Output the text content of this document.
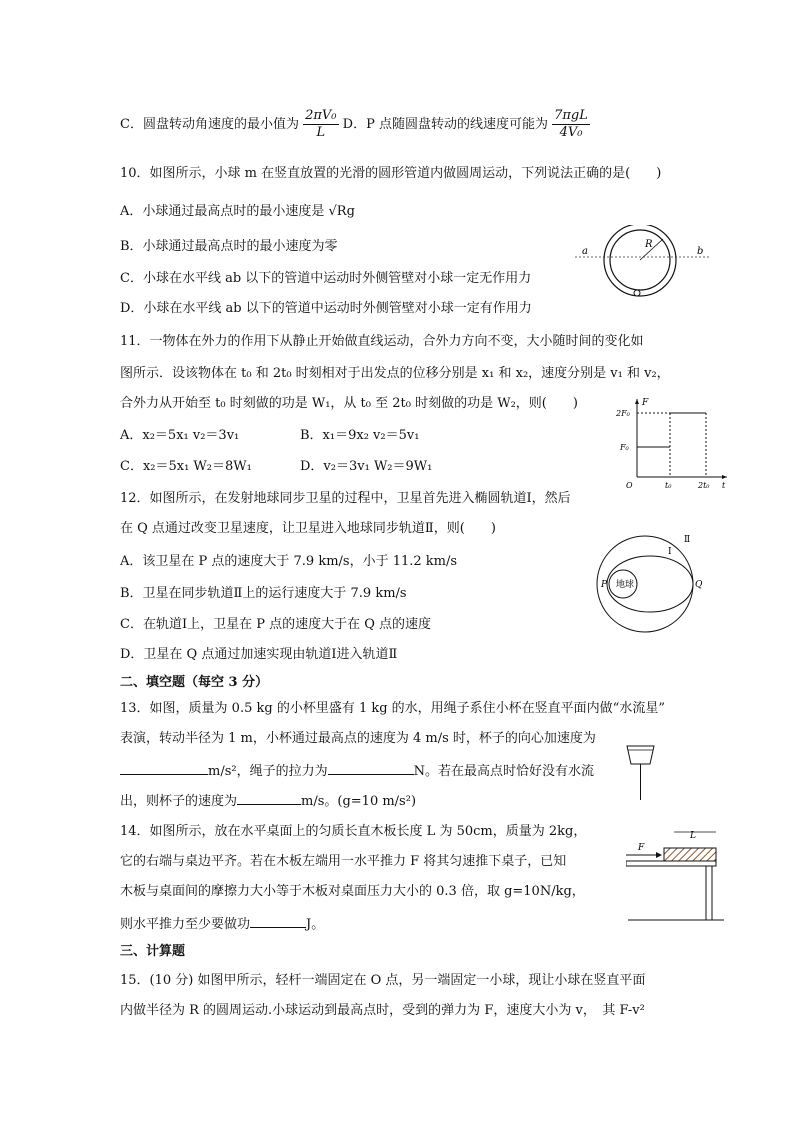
C．圆盘转动角速度的最小值为 $\frac{\text{2πV₀}}{L}$ D．P 点随圆盘转动的线速度可能为 $\frac{\text{7πgL}}{\text{4V₀}}$
10．如图所示，小球 m 在竖直放置的光滑的圆形管道内做圆周运动，下列说法正确的是(　　)
A．小球通过最高点时的最小速度是 √Rg
B．小球通过最高点时的最小速度为零
C．小球在水平线 ab 以下的管道中运动时外侧管壁对小球一定无作用力
D．小球在水平线 ab 以下的管道中运动时外侧管壁对小球一定有作用力
a	b
R
11．一物体在外力的作用下从静止开始做直线运动，合外力方向不变，大小随时间的变化如
图所示．设该物体在 t₀ 和 2t₀ 时刻相对于出发点的位移分别是 x₁ 和 x₂，速度分别是 v₁ 和 v₂，
合外力从开始至 t₀ 时刻做的功是 W₁，从 t₀ 至 2t₀ 时刻做的功是 W₂，则(　　)
A．x₂＝5x₁ v₂＝3v₁	B．x₁＝9x₂ v₂＝5v₁
C．x₂＝5x₁ W₂＝8W₁	D．v₂＝3v₁ W₂＝9W₁
F
2F₀
F₀
O	t₀	2t₀ t
12．如图所示，在发射地球同步卫星的过程中，卫星首先进入椭圆轨道Ⅰ，然后
在 Q 点通过改变卫星速度，让卫星进入地球同步轨道Ⅱ，则(　　)
A．该卫星在 P 点的速度大于 7.9 km/s，小于 11.2 km/s
B．卫星在同步轨道Ⅱ上的运行速度大于 7.9 km/s
C．在轨道Ⅰ上，卫星在 P 点的速度大于在 Q 点的速度
D．卫星在 Q 点通过加速实现由轨道Ⅰ进入轨道Ⅱ
地球
P	Q
Ⅰ
Ⅱ
二、填空题（每空 3 分）
13．如图，质量为 0.5 kg 的小杯里盛有 1 kg 的水，用绳子系住小杯在竖直平面内做“水流星”
表演，转动半径为 1 m，小杯通过最高点的速度为 4 m/s 时，杯子的向心加速度为
m/s²，绳子的拉力为	N。若在最高点时恰好没有水流
出，则杯子的速度为	m/s。(g=10 m/s²)
14．如图所示，放在水平桌面上的匀质长直木板长度 L 为 50cm，质量为 2kg，
它的右端与桌边平齐。若在木板左端用一水平推力 F 将其匀速推下桌子，已知
木板与桌面间的摩擦力大小等于木板对桌面压力大小的 0.3 倍，取 g=10N/kg，
则水平推力至少要做功	J。
L
F
三、计算题
15．(10 分) 如图甲所示，轻杆一端固定在 O 点，另一端固定一小球，现让小球在竖直平面
内做半径为 R 的圆周运动.小球运动到最高点时，受到的弹力为 F，速度大小为 v，　其 F-v²
